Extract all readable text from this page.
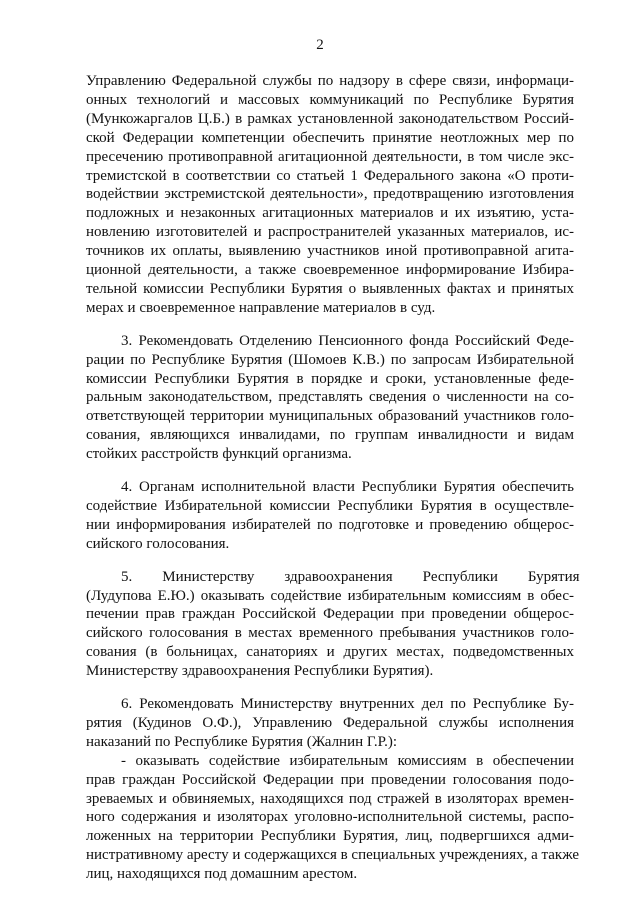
2
Управлению Федеральной службы по надзору в сфере связи, информаци-
онных технологий и массовых коммуникаций по Республике Бурятия
(Мункожаргалов Ц.Б.) в рамках установленной законодательством Россий-
ской Федерации компетенции обеспечить принятие неотложных мер по
пресечению противоправной агитационной деятельности, в том числе экс-
тремистской в соответствии со статьей 1 Федерального закона «О проти-
водействии экстремистской деятельности», предотвращению изготовления
подложных и незаконных агитационных материалов и их изъятию, уста-
новлению изготовителей и распространителей указанных материалов, ис-
точников их оплаты, выявлению участников иной противоправной агита-
ционной деятельности, а также своевременное информирование Избира-
тельной комиссии Республики Бурятия о выявленных фактах и принятых
мерах и своевременное направление материалов в суд.
3. Рекомендовать Отделению Пенсионного фонда Российский Феде-
рации по Республике Бурятия (Шомоев К.В.) по запросам Избирательной
комиссии Республики Бурятия в порядке и сроки, установленные феде-
ральным законодательством, представлять сведения о численности на со-
ответствующей территории муниципальных образований участников голо-
сования, являющихся инвалидами, по группам инвалидности и видам
стойких расстройств функций организма.
4. Органам исполнительной власти Республики Бурятия обеспечить
содействие Избирательной комиссии Республики Бурятия в осуществле-
нии информирования избирателей по подготовке и проведению общерос-
сийского голосования.
5.        Министерству        здравоохранения        Республики        Бурятия
(Лудупова Е.Ю.) оказывать содействие избирательным комиссиям в обес-
печении прав граждан Российской Федерации при проведении общерос-
сийского голосования в местах временного пребывания участников голо-
сования (в больницах, санаториях и других местах, подведомственных
Министерству здравоохранения Республики Бурятия).
6. Рекомендовать Министерству внутренних дел по Республике Бу-
рятия (Кудинов О.Ф.), Управлению Федеральной службы исполнения
наказаний по Республике Бурятия (Жалнин Г.Р.):
- оказывать содействие избирательным комиссиям в обеспечении
прав граждан Российской Федерации при проведении голосования подо-
зреваемых и обвиняемых, находящихся под стражей в изоляторах времен-
ного содержания и изоляторах уголовно-исполнительной системы, распо-
ложенных на территории Республики Бурятия, лиц, подвергшихся адми-
нистративному аресту и содержащихся в специальных учреждениях, а также
лиц, находящихся под домашним арестом.
